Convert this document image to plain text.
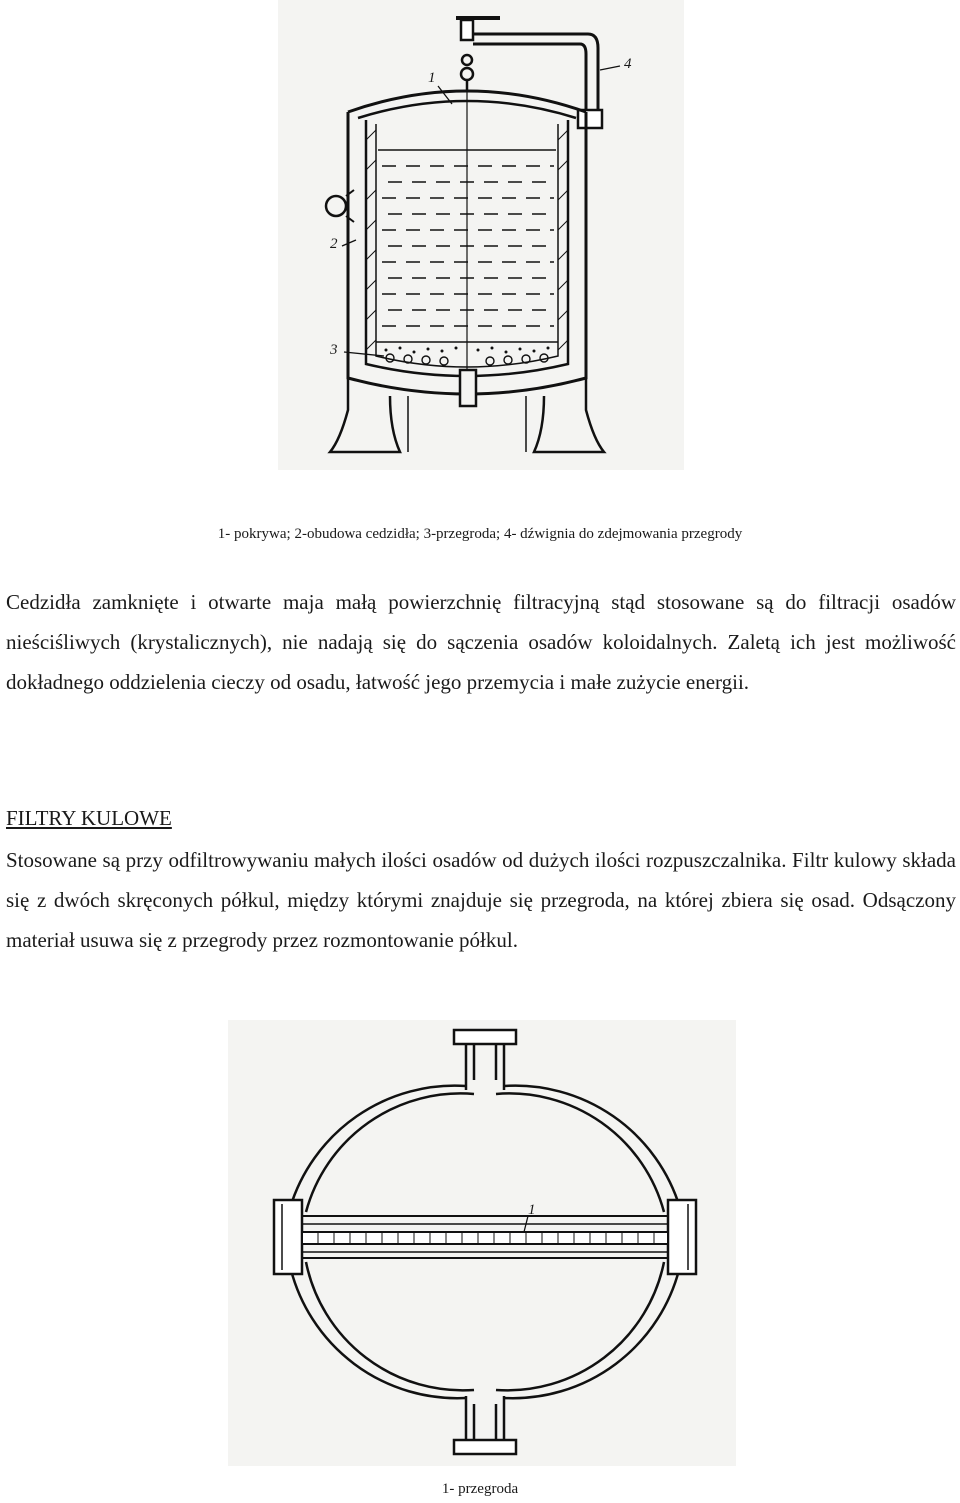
1
2
3
4
1- pokrywa; 2-obudowa cedzidła; 3-przegroda; 4- dźwignia do zdejmowania przegrody

Cedzidła zamknięte i otwarte maja małą powierzchnię filtracyjną stąd stosowane są do filtracji osadów nieściśliwych (krystalicznych), nie nadają się do sączenia osadów koloidalnych. Zaletą ich jest możliwość dokładnego oddzielenia cieczy od osadu, łatwość jego przemycia i małe zużycie energii.

FILTRY KULOWE

Stosowane są przy odfiltrowywaniu małych ilości osadów od dużych ilości rozpuszczalnika. Filtr kulowy składa się z dwóch skręconych półkul, między którymi znajduje się przegroda, na której zbiera się osad. Odsączony materiał usuwa się z przegrody przez rozmontowanie półkul.

1
1- przegroda
